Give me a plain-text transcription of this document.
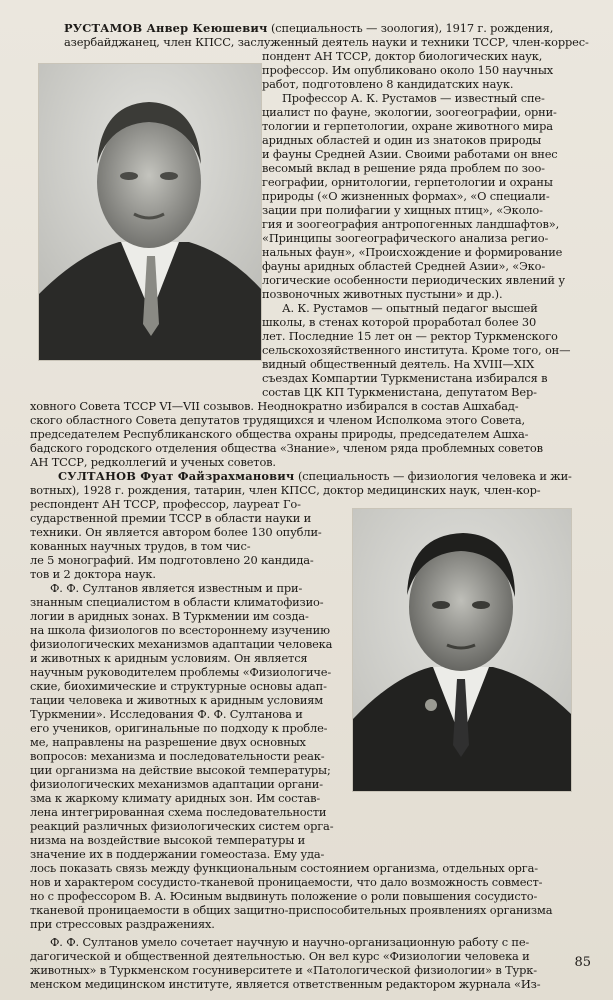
РУСТАМОВ Анвер Кеюшевич (специальность — зоология), 1917 г. рождения,
азербайджанец, член КПСС, заслуженный деятель науки и техники ТССР, член-коррес-
пондент АН ТССР, доктор биологических наук,
профессор. Им опубликовано около 150 научных
работ, подготовлено 8 кандидатских наук.
Профессор А. К. Рустамов — известный спе-
циалист по фауне, экологии, зоогеографии, орни-
тологии и герпетологии, охране животного мира
аридных областей и один из знатоков природы
и фауны Средней Азии. Своими работами он внес
весомый вклад в решение ряда проблем по зоо-
географии, орнитологии, герпетологии и охраны
природы («О жизненных формах», «О специали-
зации при полифагии у хищных птиц», «Эколо-
гия и зоогеография антропогенных ландшафтов»,
«Принципы зоогеографического анализа регио-
нальных фаун», «Происхождение и формирование
фауны аридных областей Средней Азии», «Эко-
логические особенности периодических явлений у
позвоночных животных пустыни» и др.).
А. К. Рустамов — опытный педагог высшей
школы, в стенах которой проработал более 30
лет. Последние 15 лет он — ректор Туркменского
сельскохозяйственного института. Кроме того, он—
видный общественный деятель. На XVIII—XIX
съездах Компартии Туркменистана избирался в
состав ЦК КП Туркменистана, депутатом Вер-
ховного Совета ТССР VI—VII созывов. Неоднократно избирался в состав Ашхабад-
ского областного Совета депутатов трудящихся и членом Исполкома этого Совета,
председателем Республиканского общества охраны природы, председателем Ашха-
бадского городского отделения общества «Знание», членом ряда проблемных советов
АН ТССР, редколлегий и ученых советов.
СУЛТАНОВ Фуат Файзрахманович (специальность — физиология человека и жи-
вотных), 1928 г. рождения, татарин, член КПСС, доктор медицинских наук, член-кор-
респондент АН ТССР, профессор, лауреат Го-
сударственной премии ТССР в области науки и
техники. Он является автором более 130 опубли-
кованных научных трудов, в том чис-
ле 5 монографий. Им подготовлено 20 кандида-
тов и 2 доктора наук.
Ф. Ф. Султанов является известным и при-
знанным специалистом в области климатофизио-
логии в аридных зонах. В Туркмении им созда-
на школа физиологов по всестороннему изучению
физиологических механизмов адаптации человека
и животных к аридным условиям. Он является
научным руководителем проблемы «Физиологиче-
ские, биохимические и структурные основы адап-
тации человека и животных к аридным условиям
Туркмении». Исследования Ф. Ф. Султанова и
его учеников, оригинальные по подходу к пробле-
ме, направлены на разрешение двух основных
вопросов: механизма и последовательности реак-
ции организма на действие высокой температуры;
физиологических механизмов адаптации органи-
зма к жаркому климату аридных зон. Им состав-
лена интегрированная схема последовательности
реакций различных физиологических систем орга-
низма на воздействие высокой температуры и
значение их в поддержании гомеостаза. Ему уда-
лось показать связь между функциональным состоянием организма, отдельных орга-
нов и характером сосудисто-тканевой проницаемости, что дало возможность совмест-
но с профессором В. А. Юсиным выдвинуть положение о роли повышения сосудисто-
тканевой проницаемости в общих защитно-приспособительных проявлениях организма
при стрессовых раздражениях.
Ф. Ф. Султанов умело сочетает научную и научно-организационную работу с пе-
дагогической и общественной деятельностью. Он вел курс «Физиологии человека и
животных» в Туркменском госуниверситете и «Патологической физиологии» в Турк-
менском медицинском институте, является ответственным редактором журнала «Из-
85
